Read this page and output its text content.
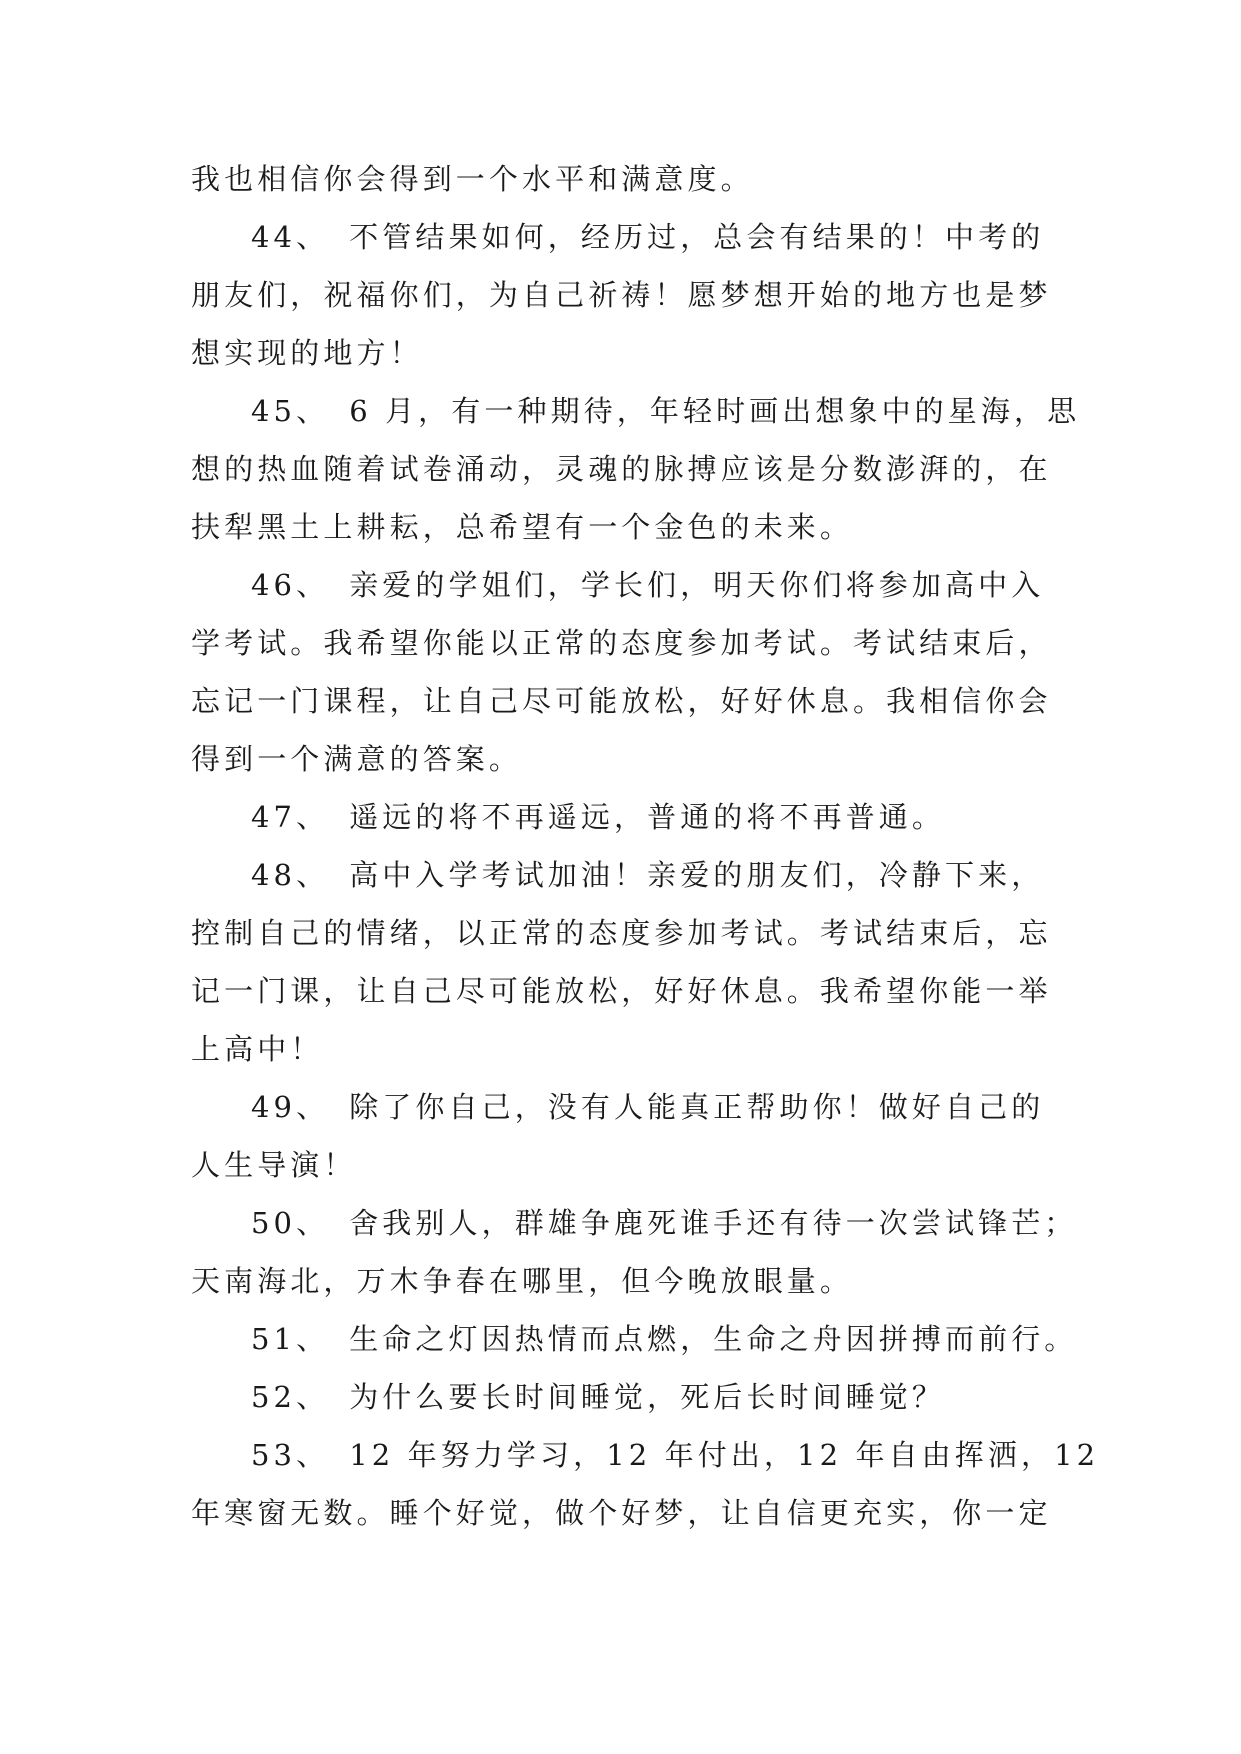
我也相信你会得到一个水平和满意度。
44、 不管结果如何，经历过，总会有结果的！中考的
朋友们，祝福你们，为自己祈祷！愿梦想开始的地方也是梦
想实现的地方！
45、 6 月，有一种期待，年轻时画出想象中的星海，思
想的热血随着试卷涌动，灵魂的脉搏应该是分数澎湃的，在
扶犁黑土上耕耘，总希望有一个金色的未来。
46、 亲爱的学姐们，学长们，明天你们将参加高中入
学考试。我希望你能以正常的态度参加考试。考试结束后，
忘记一门课程，让自己尽可能放松，好好休息。我相信你会
得到一个满意的答案。
47、 遥远的将不再遥远，普通的将不再普通。
48、 高中入学考试加油！亲爱的朋友们，冷静下来，
控制自己的情绪，以正常的态度参加考试。考试结束后，忘
记一门课，让自己尽可能放松，好好休息。我希望你能一举
上高中！
49、 除了你自己，没有人能真正帮助你！做好自己的
人生导演！
50、 舍我别人，群雄争鹿死谁手还有待一次尝试锋芒；
天南海北，万木争春在哪里，但今晚放眼量。
51、 生命之灯因热情而点燃，生命之舟因拼搏而前行。
52、 为什么要长时间睡觉，死后长时间睡觉？
53、 12 年努力学习，12 年付出，12 年自由挥洒，12
年寒窗无数。睡个好觉，做个好梦，让自信更充实，你一定
